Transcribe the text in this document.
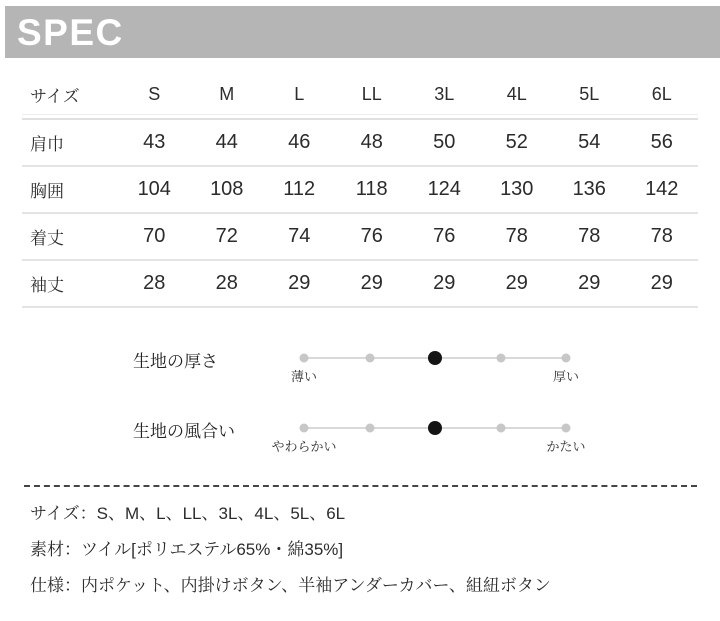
SPEC
サイズ	S	M	L	LL	3L	4L	5L	6L

肩巾	43	44	46	48	50	52	54	56
胸囲	104	108	112	118	124	130	136	142
着丈	70	72	74	76	76	78	78	78
袖丈	28	28	29	29	29	29	29	29
生地の厚さ
薄い	厚い
生地の風合い
やわらかい	かたい
サイズ：S、M、L、LL、3L、4L、5L、6L
素材：ツイル[ポリエステル65%・綿35%]
仕様：内ポケット、内掛けボタン、半袖アンダーカバー、組紐ボタン
